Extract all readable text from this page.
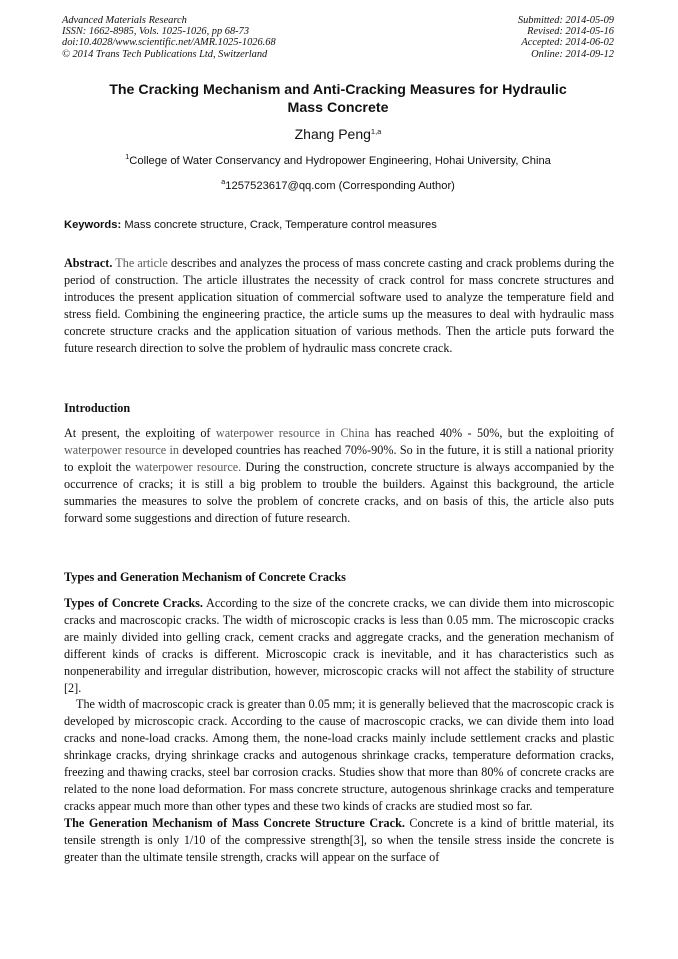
Advanced Materials Research
ISSN: 1662-8985, Vols. 1025-1026, pp 68-73
doi:10.4028/www.scientific.net/AMR.1025-1026.68
© 2014 Trans Tech Publications Ltd, Switzerland
Submitted: 2014-05-09
Revised: 2014-05-16
Accepted: 2014-06-02
Online: 2014-09-12
The Cracking Mechanism and Anti-Cracking Measures for Hydraulic
Mass Concrete
Zhang Peng$^{1,a}$
$^1$College of Water Conservancy and Hydropower Engineering, Hohai University, China
$^a$1257523617@qq.com (Corresponding Author)
Keywords: Mass concrete structure, Crack, Temperature control measures
Abstract. The article describes and analyzes the process of mass concrete casting and crack problems during the period of construction. The article illustrates the necessity of crack control for mass concrete structures and introduces the present application situation of commercial software used to analyze the temperature field and stress field. Combining the engineering practice, the article sums up the measures to deal with hydraulic mass concrete structure cracks and the application situation of various methods. Then the article puts forward the future research direction to solve the problem of hydraulic mass concrete crack.
Introduction
At present, the exploiting of waterpower resource in China has reached 40% - 50%, but the exploiting of waterpower resource in developed countries has reached 70%-90%. So in the future, it is still a national priority to exploit the waterpower resource. During the construction, concrete structure is always accompanied by the occurrence of cracks; it is still a big problem to trouble the builders. Against this background, the article summaries the measures to solve the problem of concrete cracks, and on basis of this, the article also puts forward some suggestions and direction of future research.
Types and Generation Mechanism of Concrete Cracks
Types of Concrete Cracks. According to the size of the concrete cracks, we can divide them into microscopic cracks and macroscopic cracks. The width of microscopic cracks is less than 0.05 mm. The microscopic cracks are mainly divided into gelling crack, cement cracks and aggregate cracks, and the generation mechanism of different kinds of cracks is different. Microscopic crack is inevitable, and it has characteristics such as nonpenerability and irregular distribution, however, microscopic cracks will not affect the stability of structure [2].
The width of macroscopic crack is greater than 0.05 mm; it is generally believed that the macroscopic crack is developed by microscopic crack. According to the cause of macroscopic cracks, we can divide them into load cracks and none-load cracks. Among them, the none-load cracks mainly include settlement cracks and plastic shrinkage cracks, drying shrinkage cracks and autogenous shrinkage cracks, temperature deformation cracks, freezing and thawing cracks, steel bar corrosion cracks. Studies show that more than 80% of concrete cracks are related to the none load deformation. For mass concrete structure, autogenous shrinkage cracks and temperature cracks appear much more than other types and these two kinds of cracks are studied most so far.
The Generation Mechanism of Mass Concrete Structure Crack. Concrete is a kind of brittle material, its tensile strength is only 1/10 of the compressive strength[3], so when the tensile stress inside the concrete is greater than the ultimate tensile strength, cracks will appear on the surface of
